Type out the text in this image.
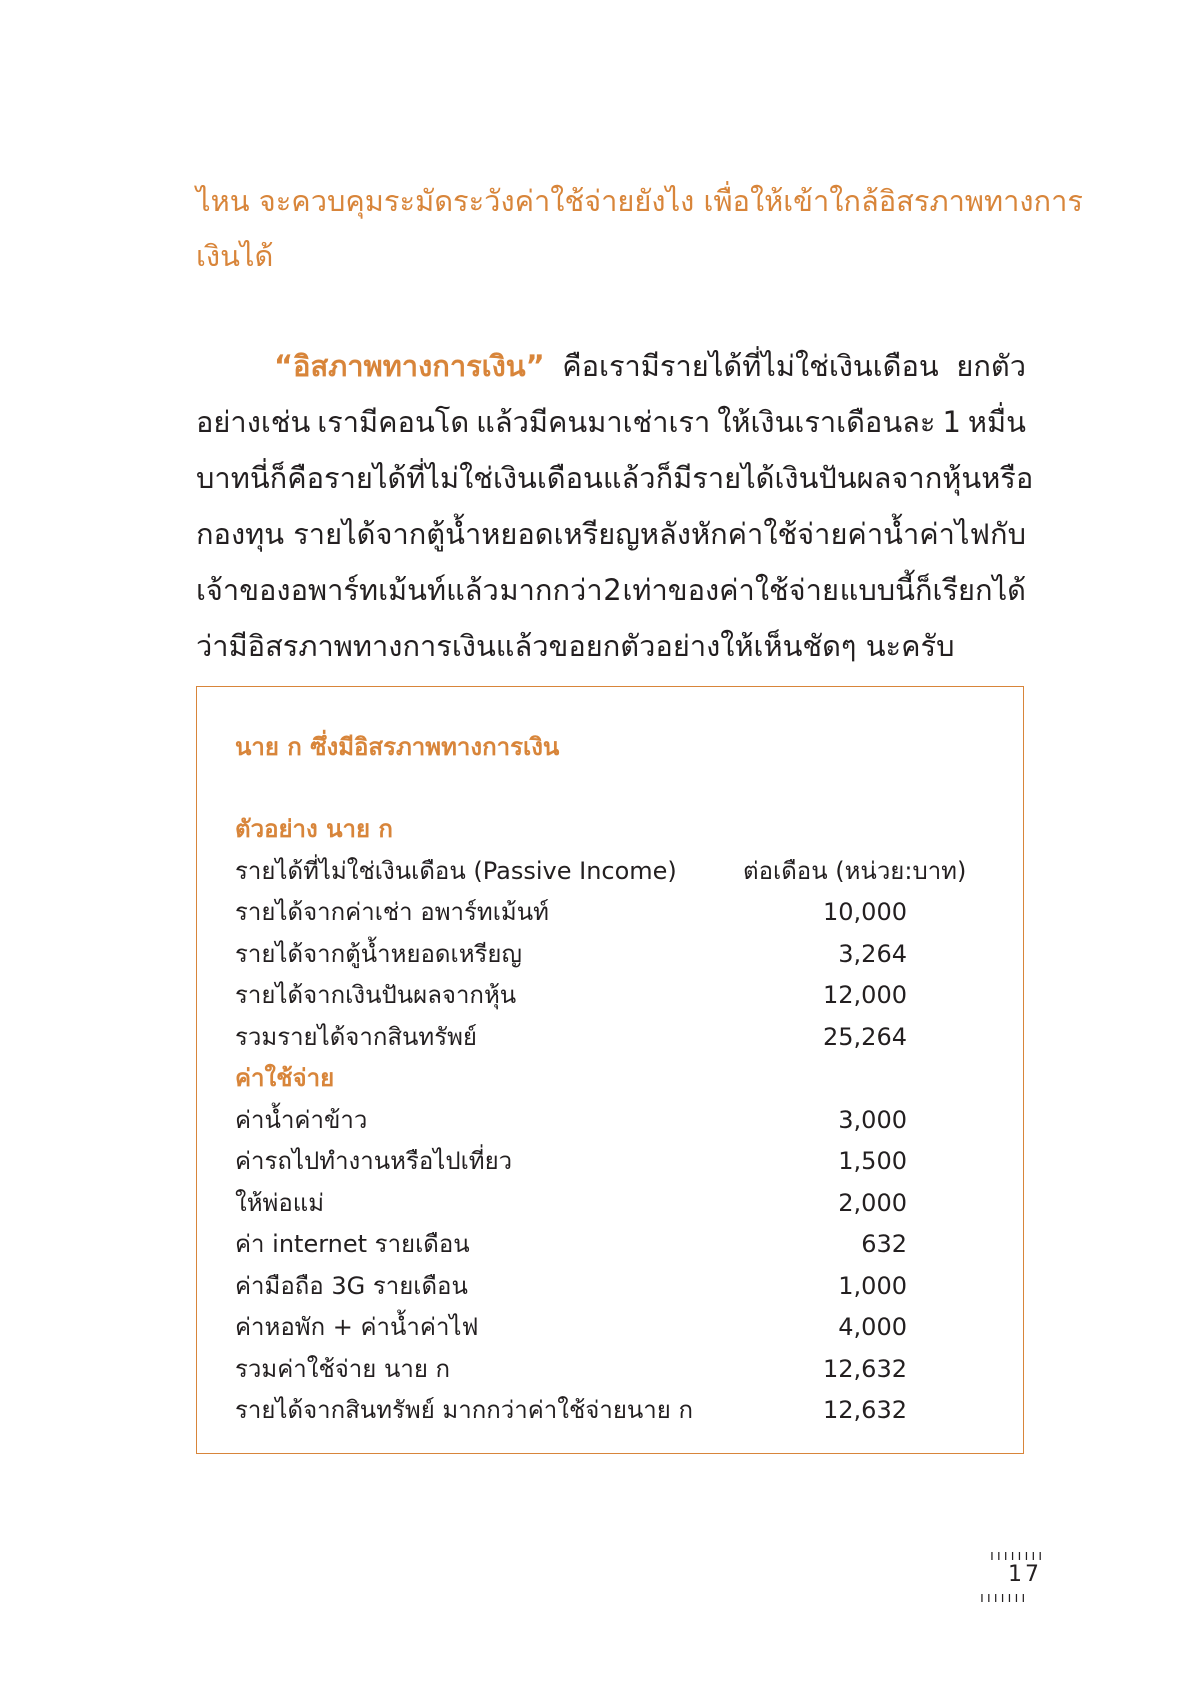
ไหน จะควบคุมระมัดระวังค่าใช้จ่ายยังไง เพื่อให้เข้าใกล้อิสรภาพทางการ
เงินได้
“อิสภาพทางการเงิน” คือเรามีรายได้ที่ไม่ใช่เงินเดือน ยกตัว
อย่างเช่น เรามีคอนโด แล้วมีคนมาเช่าเรา ให้เงินเราเดือนละ 1 หมื่น
บาท นี่ก็คือรายได้ที่ไม่ใช่เงินเดือน แล้วก็มีรายได้เงินปันผลจากหุ้นหรือ
กองทุน รายได้จากตู้น้ำหยอดเหรียญหลังหักค่าใช้จ่ายค่าน้ำค่าไฟกับ
เจ้าของอพาร์ทเม้นท์แล้ว มากกว่า 2 เท่าของค่าใช้จ่าย แบบนี้ก็เรียกได้
ว่ามีอิสรภาพทางการเงินแล้วขอยกตัวอย่างให้เห็นชัดๆ นะครับ
นาย ก ซึ่งมีอิสรภาพทางการเงิน
ตัวอย่าง นาย ก
รายได้ที่ไม่ใช่เงินเดือน (Passive Income)	ต่อเดือน (หน่วย:บาท)
รายได้จากค่าเช่า อพาร์ทเม้นท์	10,000
รายได้จากตู้น้ำหยอดเหรียญ	3,264
รายได้จากเงินปันผลจากหุ้น	12,000
รวมรายได้จากสินทรัพย์	25,264
ค่าใช้จ่าย
ค่าน้ำค่าข้าว	3,000
ค่ารถไปทำงานหรือไปเที่ยว	1,500
ให้พ่อแม่	2,000
ค่า internet รายเดือน	632
ค่ามือถือ 3G รายเดือน	1,000
ค่าหอพัก + ค่าน้ำค่าไฟ	4,000
รวมค่าใช้จ่าย นาย ก	12,632
รายได้จากสินทรัพย์ มากกว่าค่าใช้จ่ายนาย ก	12,632
ıııııııı
17
ııııııı
